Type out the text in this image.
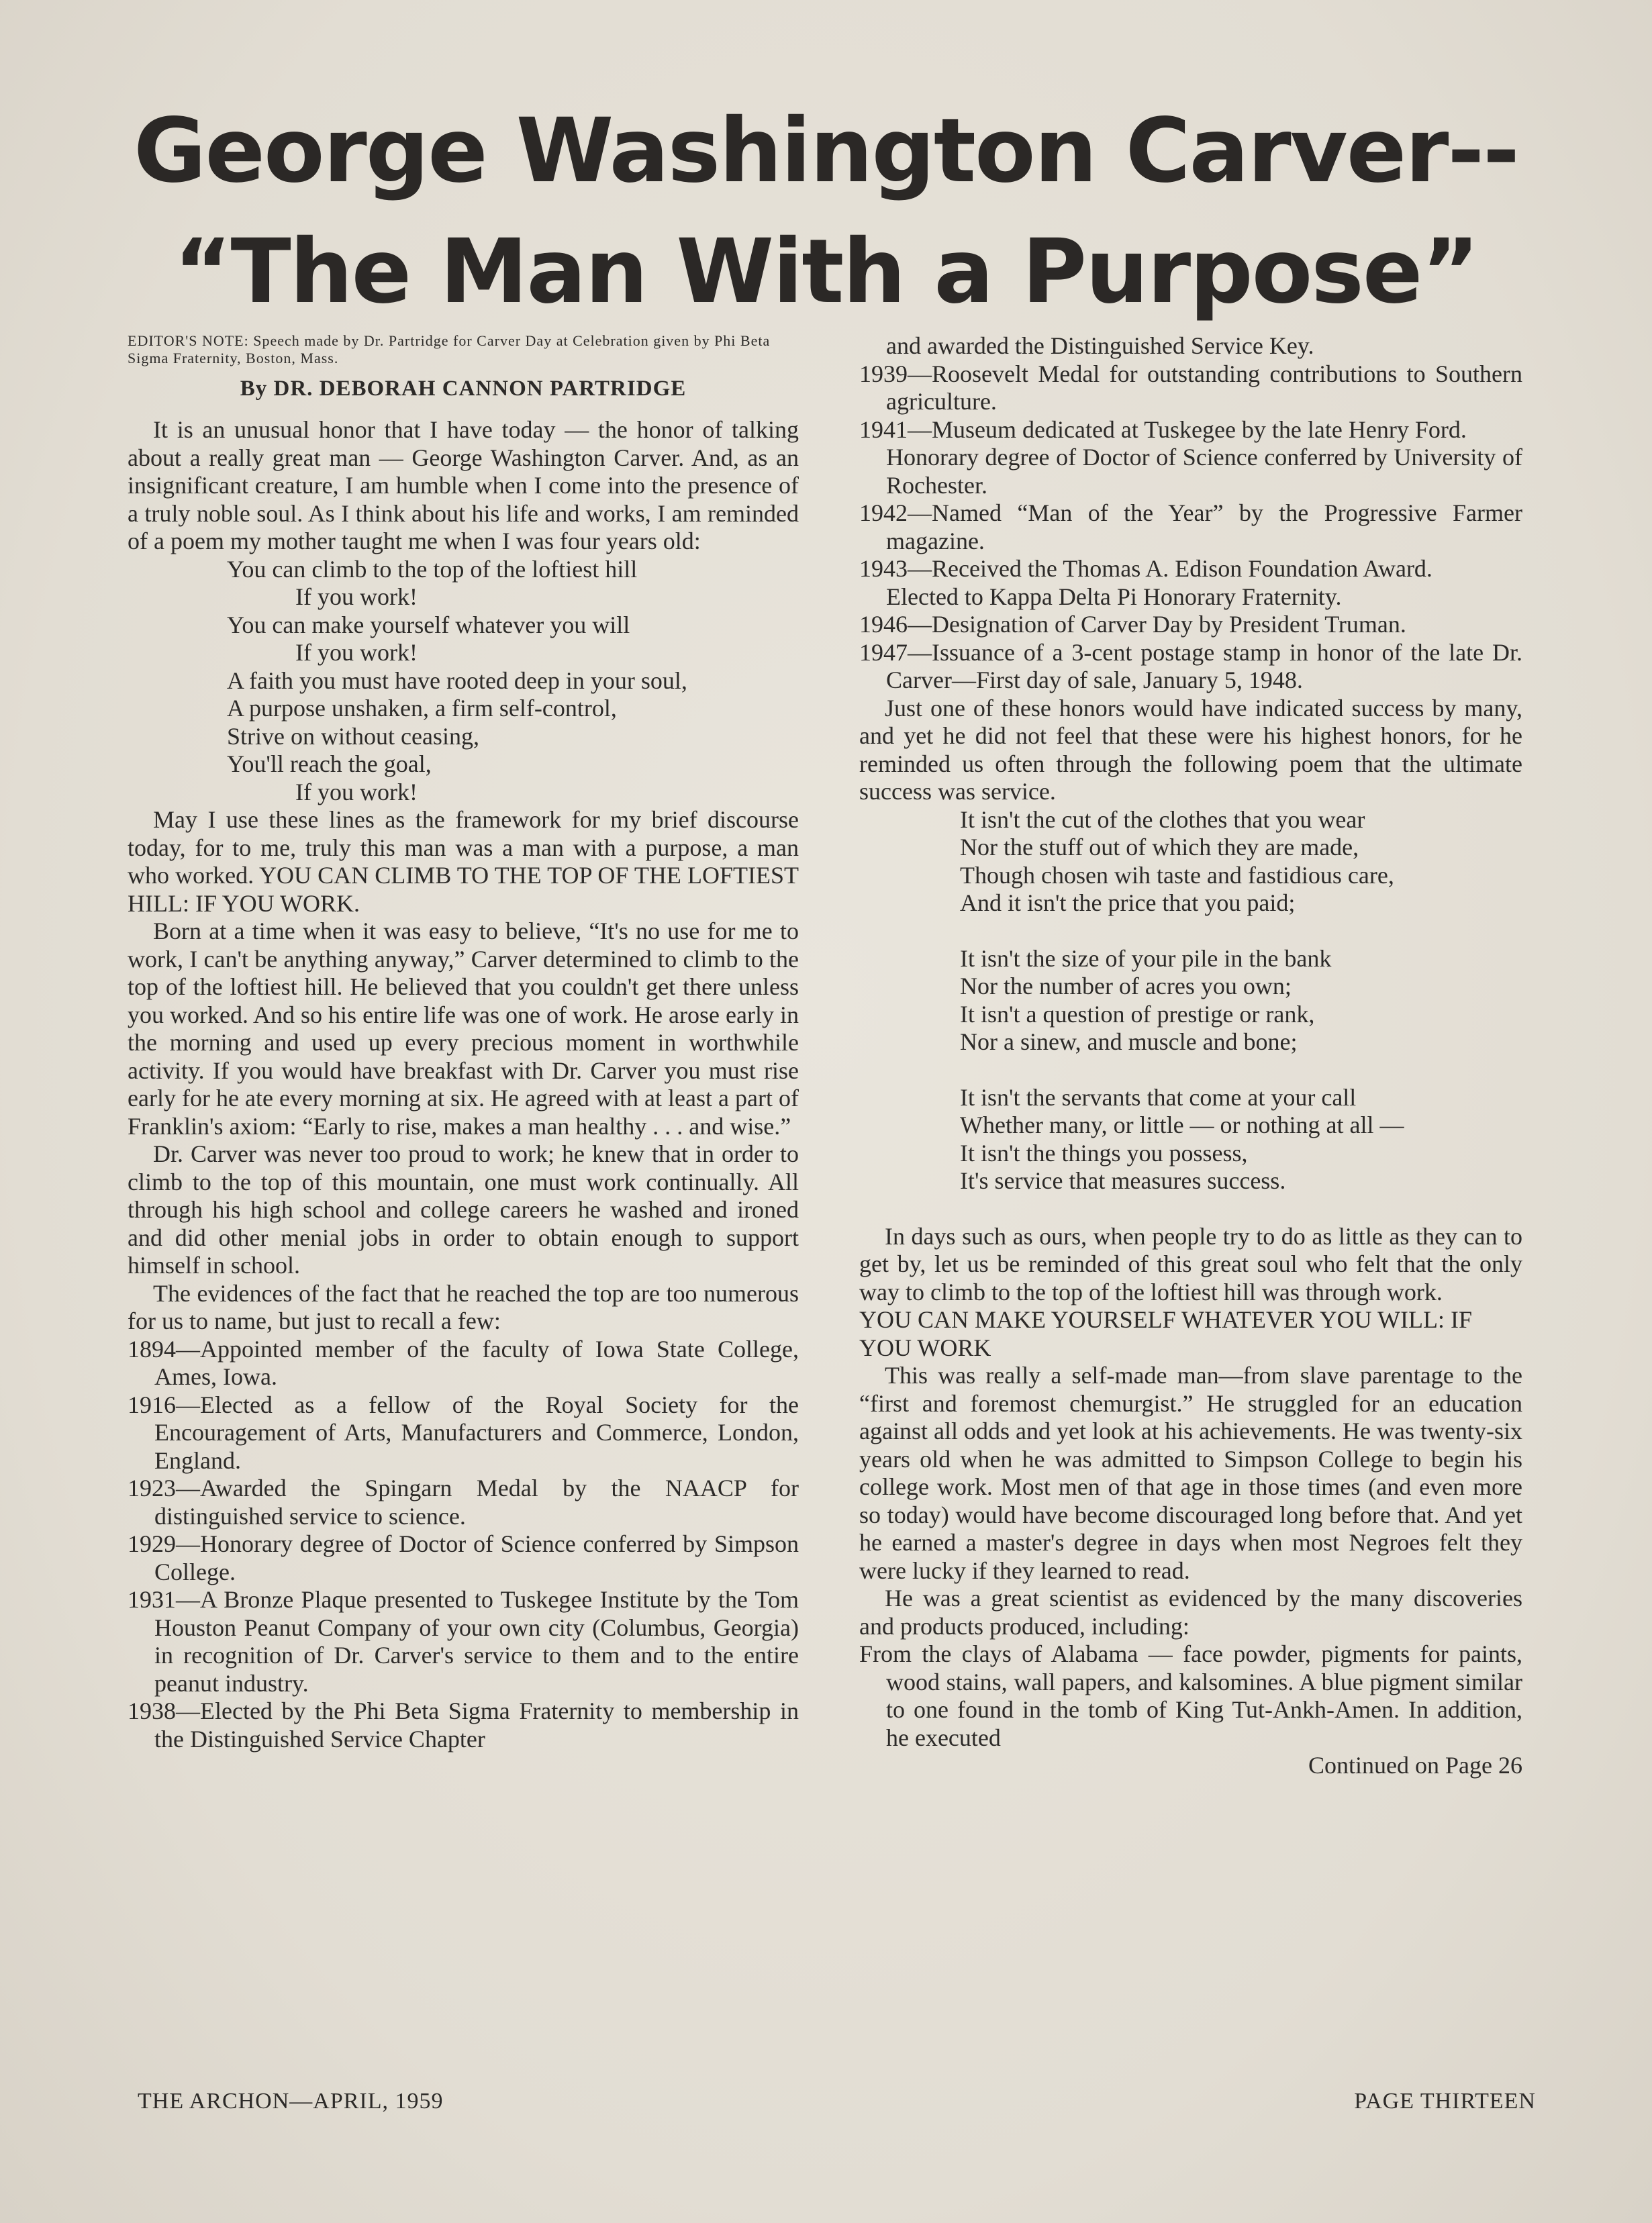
George Washington Carver--
“The Man With a Purpose”
EDITOR'S NOTE: Speech made by Dr. Partridge for Carver Day at Celebration given by Phi Beta Sigma Fraternity, Boston, Mass.
By DR. DEBORAH CANNON PARTRIDGE

It is an unusual honor that I have today — the honor of talking about a really great man — George Washington Carver. And, as an insignificant creature, I am humble when I come into the presence of a truly noble soul. As I think about his life and works, I am reminded of a poem my mother taught me when I was four years old:

You can climb to the top of the loftiest hill
If you work!
You can make yourself whatever you will
If you work!
A faith you must have rooted deep in your soul,
A purpose unshaken, a firm self-control,
Strive on without ceasing,
You'll reach the goal,
If you work!

May I use these lines as the framework for my brief discourse today, for to me, truly this man was a man with a purpose, a man who worked. YOU CAN CLIMB TO THE TOP OF THE LOFTIEST HILL: IF YOU WORK.

Born at a time when it was easy to believe, “It's no use for me to work, I can't be anything anyway,” Carver determined to climb to the top of the loftiest hill. He believed that you couldn't get there unless you worked. And so his entire life was one of work. He arose early in the morning and used up every precious moment in worthwhile activity. If you would have breakfast with Dr. Carver you must rise early for he ate every morning at six. He agreed with at least a part of Franklin's axiom: “Early to rise, makes a man healthy . . . and wise.”

Dr. Carver was never too proud to work; he knew that in order to climb to the top of this mountain, one must work continually. All through his high school and college careers he washed and ironed and did other menial jobs in order to obtain enough to support himself in school.

The evidences of the fact that he reached the top are too numerous for us to name, but just to recall a few:

1894—Appointed member of the faculty of Iowa State College, Ames, Iowa.
1916—Elected as a fellow of the Royal Society for the Encouragement of Arts, Manufacturers and Commerce, London, England.
1923—Awarded the Spingarn Medal by the NAACP for distinguished service to science.
1929—Honorary degree of Doctor of Science conferred by Simpson College.
1931—A Bronze Plaque presented to Tuskegee Institute by the Tom Houston Peanut Company of your own city (Columbus, Georgia) in recognition of Dr. Carver's service to them and to the entire peanut industry.
1938—Elected by the Phi Beta Sigma Fraternity to membership in the Distinguished Service Chapter
and awarded the Distinguished Service Key.
1939—Roosevelt Medal for outstanding contributions to Southern agriculture.
1941—Museum dedicated at Tuskegee by the late Henry Ford.
Honorary degree of Doctor of Science conferred by University of Rochester.
1942—Named “Man of the Year” by the Progressive Farmer magazine.
1943—Received the Thomas A. Edison Foundation Award.
Elected to Kappa Delta Pi Honorary Fraternity.
1946—Designation of Carver Day by President Truman.
1947—Issuance of a 3-cent postage stamp in honor of the late Dr. Carver—First day of sale, January 5, 1948.

Just one of these honors would have indicated success by many, and yet he did not feel that these were his highest honors, for he reminded us often through the following poem that the ultimate success was service.

It isn't the cut of the clothes that you wear
Nor the stuff out of which they are made,
Though chosen wih taste and fastidious care,
And it isn't the price that you paid;
It isn't the size of your pile in the bank
Nor the number of acres you own;
It isn't a question of prestige or rank,
Nor a sinew, and muscle and bone;
It isn't the servants that come at your call
Whether many, or little — or nothing at all —
It isn't the things you possess,
It's service that measures success.

In days such as ours, when people try to do as little as they can to get by, let us be reminded of this great soul who felt that the only way to climb to the top of the loftiest hill was through work.

YOU CAN MAKE YOURSELF WHATEVER YOU WILL: IF YOU WORK

This was really a self-made man—from slave parentage to the “first and foremost chemurgist.” He struggled for an education against all odds and yet look at his achievements. He was twenty-six years old when he was admitted to Simpson College to begin his college work. Most men of that age in those times (and even more so today) would have become discouraged long before that. And yet he earned a master's degree in days when most Negroes felt they were lucky if they learned to read.

He was a great scientist as evidenced by the many discoveries and products produced, including:

From the clays of Alabama — face powder, pigments for paints, wood stains, wall papers, and kalsomines. A blue pigment similar to one found in the tomb of King Tut-Ankh-Amen. In addition, he executed
Continued on Page 26
THE ARCHON—APRIL, 1959	PAGE THIRTEEN
